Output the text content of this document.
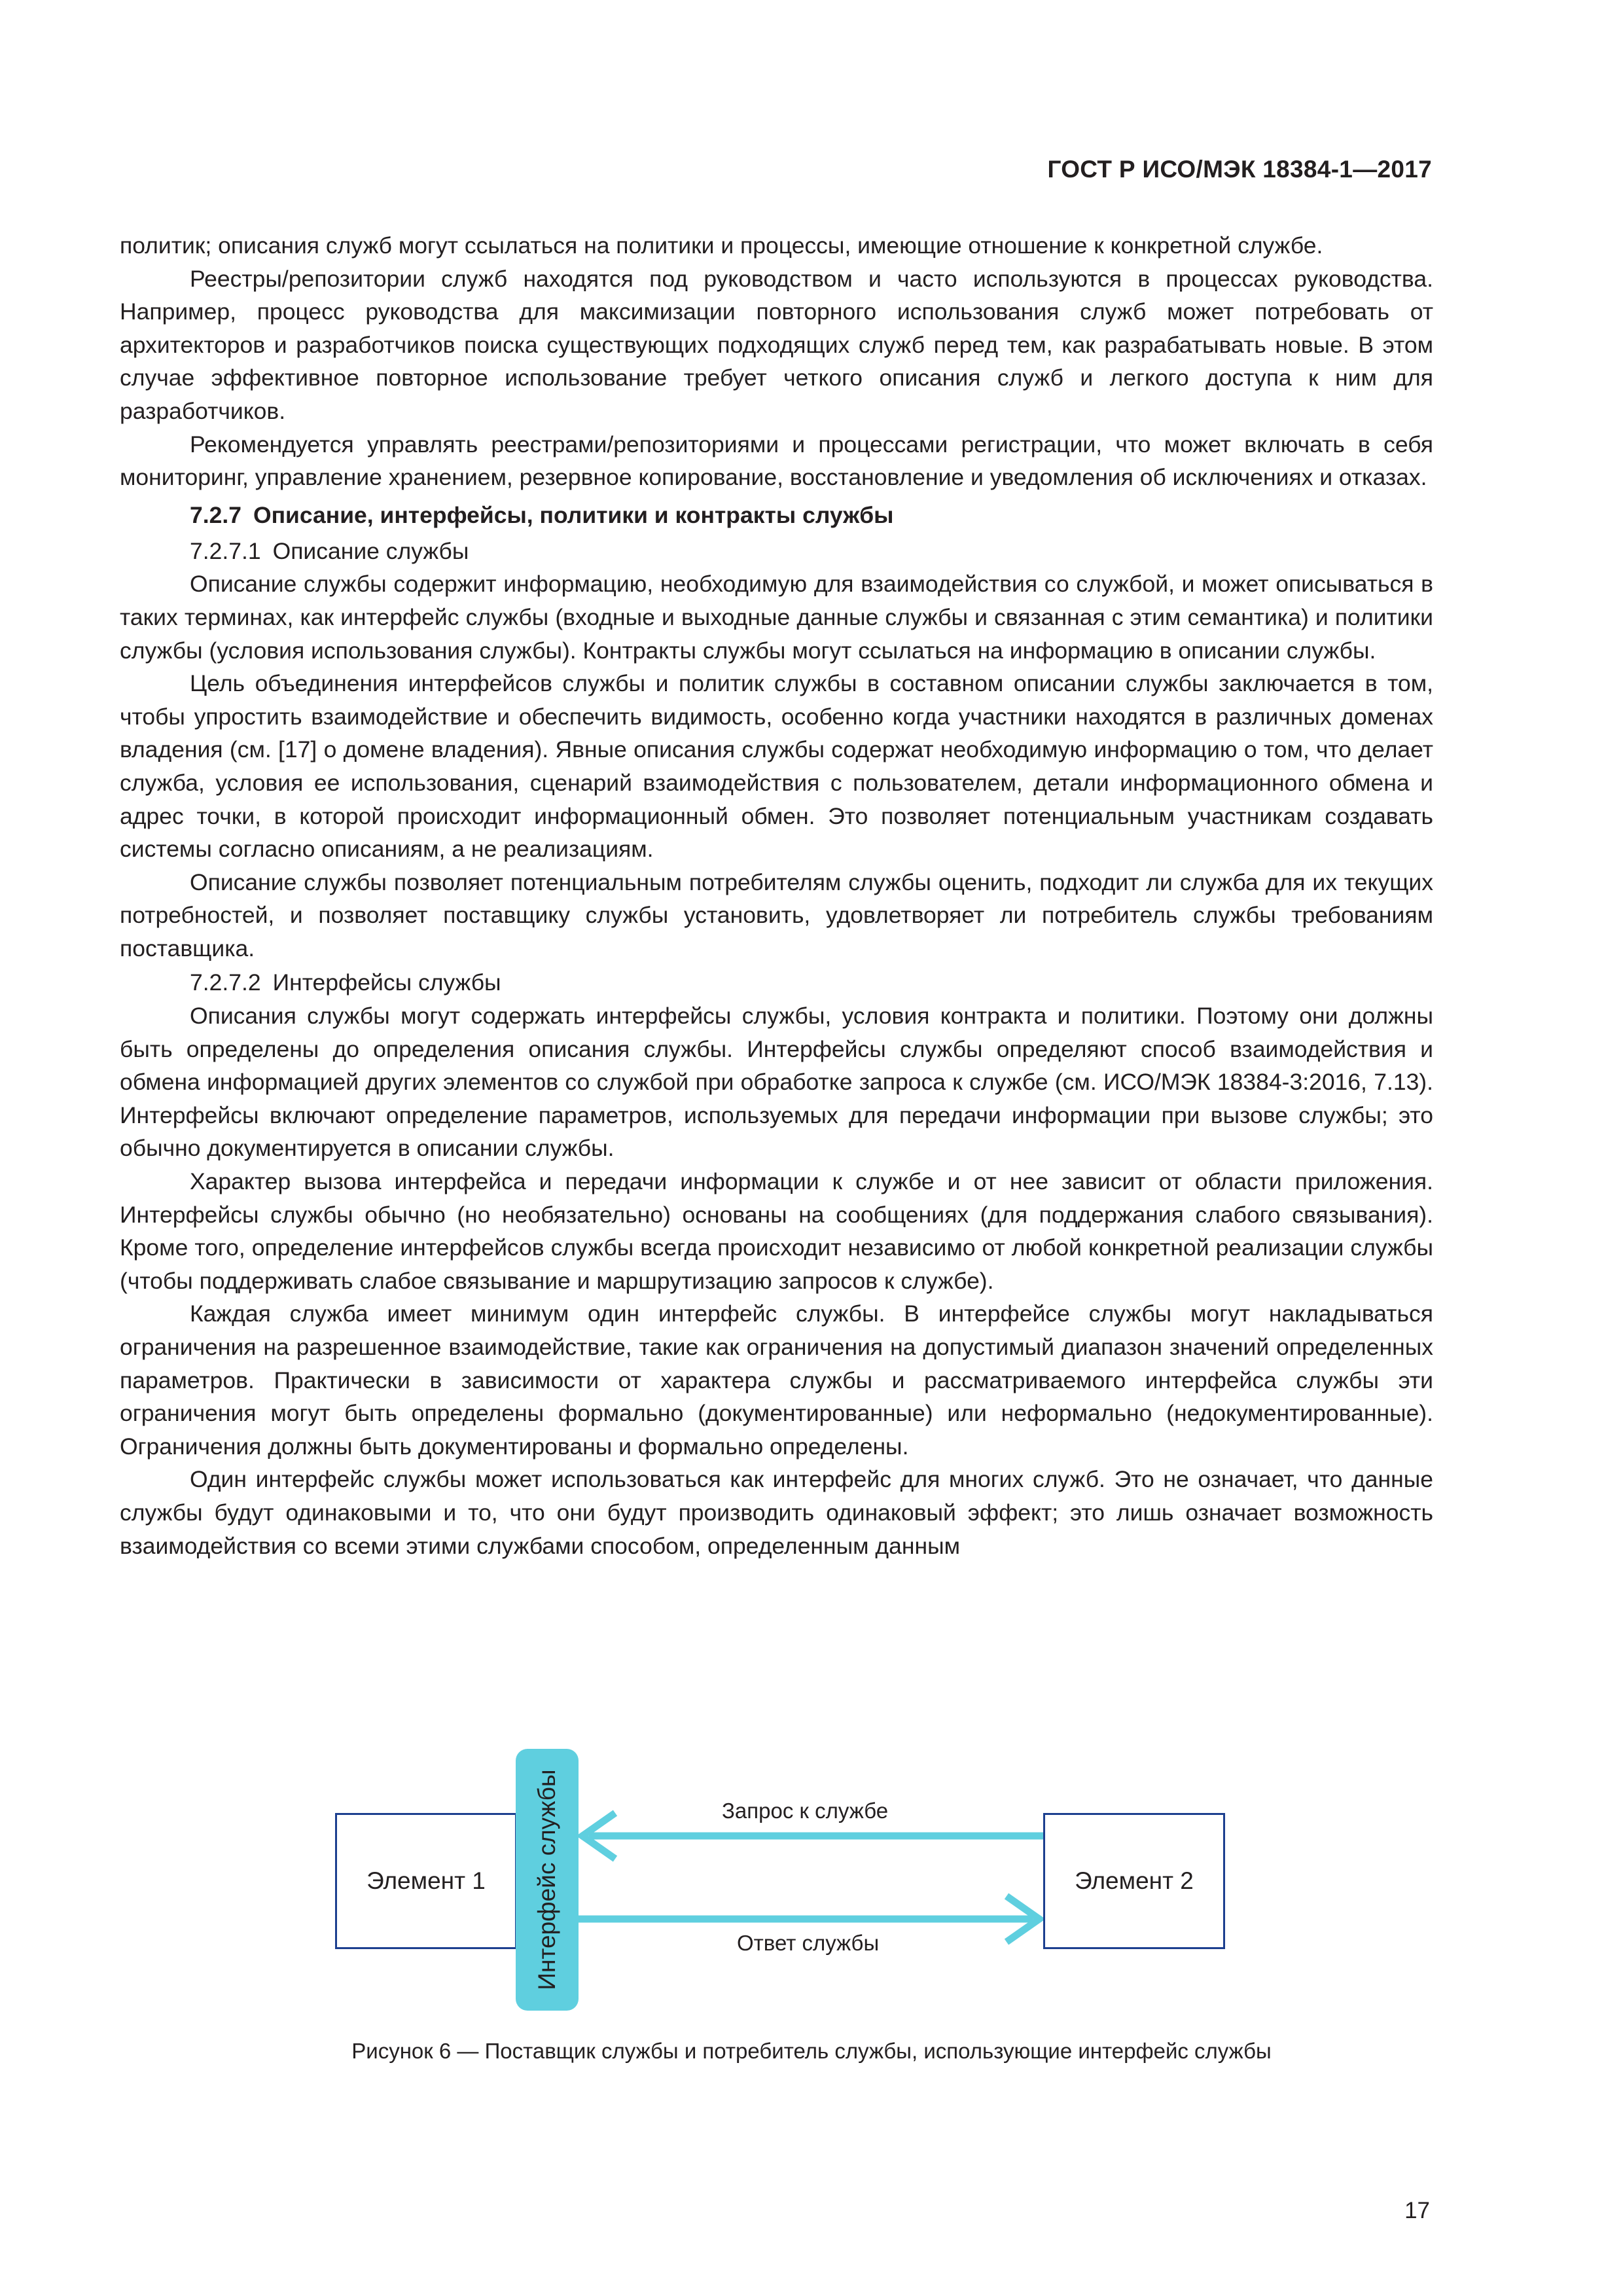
ГОСТ Р ИСО/МЭК 18384-1—2017

политик; описания служб могут ссылаться на политики и процессы, имеющие отношение к конкретной службе.

Реестры/репозитории служб находятся под руководством и часто используются в процессах руководства. Например, процесс руководства для максимизации повторного использования служб может потребовать от архитекторов и разработчиков поиска существующих подходящих служб перед тем, как разрабатывать новые. В этом случае эффективное повторное использование требует четкого описания служб и легкого доступа к ним для разработчиков.

Рекомендуется управлять реестрами/репозиториями и процессами регистрации, что может включать в себя мониторинг, управление хранением, резервное копирование, восстановление и уведомления об исключениях и отказах.

7.2.7 Описание, интерфейсы, политики и контракты службы

7.2.7.1 Описание службы

Описание службы содержит информацию, необходимую для взаимодействия со службой, и может описываться в таких терминах, как интерфейс службы (входные и выходные данные службы и связанная с этим семантика) и политики службы (условия использования службы). Контракты службы могут ссылаться на информацию в описании службы.

Цель объединения интерфейсов службы и политик службы в составном описании службы заключается в том, чтобы упростить взаимодействие и обеспечить видимость, особенно когда участники находятся в различных доменах владения (см. [17] о домене владения). Явные описания службы содержат необходимую информацию о том, что делает служба, условия ее использования, сценарий взаимодействия с пользователем, детали информационного обмена и адрес точки, в которой происходит информационный обмен. Это позволяет потенциальным участникам создавать системы согласно описаниям, а не реализациям.

Описание службы позволяет потенциальным потребителям службы оценить, подходит ли служба для их текущих потребностей, и позволяет поставщику службы установить, удовлетворяет ли потребитель службы требованиям поставщика.

7.2.7.2 Интерфейсы службы

Описания службы могут содержать интерфейсы службы, условия контракта и политики. Поэтому они должны быть определены до определения описания службы. Интерфейсы службы определяют способ взаимодействия и обмена информацией других элементов со службой при обработке запроса к службе (см. ИСО/МЭК 18384-3:2016, 7.13). Интерфейсы включают определение параметров, используемых для передачи информации при вызове службы; это обычно документируется в описании службы.

Характер вызова интерфейса и передачи информации к службе и от нее зависит от области приложения. Интерфейсы службы обычно (но необязательно) основаны на сообщениях (для поддержания слабого связывания). Кроме того, определение интерфейсов службы всегда происходит независимо от любой конкретной реализации службы (чтобы поддерживать слабое связывание и маршрутизацию запросов к службе).

Каждая служба имеет минимум один интерфейс службы. В интерфейсе службы могут накладываться ограничения на разрешенное взаимодействие, такие как ограничения на допустимый диапазон значений определенных параметров. Практически в зависимости от характера службы и рассматриваемого интерфейса службы эти ограничения могут быть определены формально (документированные) или неформально (недокументированные). Ограничения должны быть документированы и формально определены.

Один интерфейс службы может использоваться как интерфейс для многих служб. Это не означает, что данные службы будут одинаковыми и то, что они будут производить одинаковый эффект; это лишь означает возможность взаимодействия со всеми этими службами способом, определенным данным

Элемент 1 Интерфейс службы	Запрос к службе
Ответ службы
Элемент 2
Рисунок 6 — Поставщик службы и потребитель службы, использующие интерфейс службы
17
